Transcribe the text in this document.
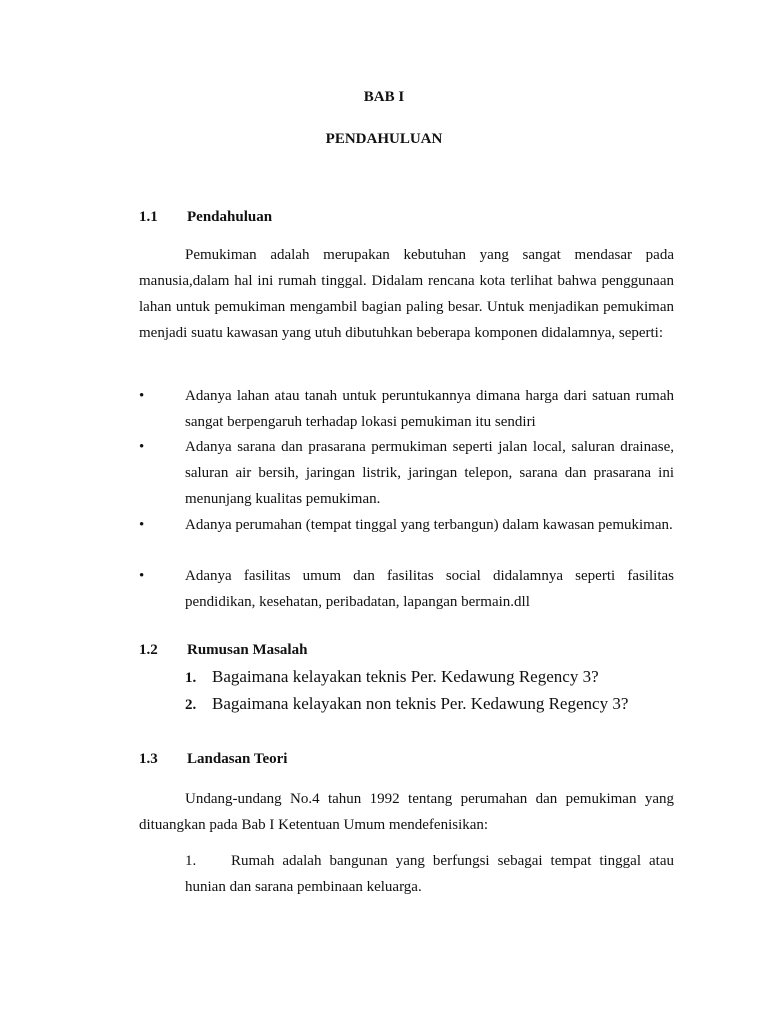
BAB I
PENDAHULUAN
1.1 Pendahuluan
Pemukiman adalah merupakan kebutuhan yang sangat mendasar pada manusia,dalam hal ini rumah tinggal. Didalam rencana kota terlihat bahwa penggunaan lahan untuk pemukiman mengambil bagian paling besar. Untuk menjadikan pemukiman menjadi suatu kawasan yang utuh dibutuhkan beberapa komponen didalamnya, seperti:
•	Adanya lahan atau tanah untuk peruntukannya dimana harga dari satuan rumah sangat berpengaruh terhadap lokasi pemukiman itu sendiri
•	Adanya sarana dan prasarana permukiman seperti jalan local, saluran drainase, saluran air bersih, jaringan listrik, jaringan telepon, sarana dan prasarana ini menunjang kualitas pemukiman.
•	Adanya perumahan (tempat tinggal yang terbangun) dalam kawasan pemukiman.
•	Adanya fasilitas umum dan fasilitas social didalamnya seperti fasilitas pendidikan, kesehatan, peribadatan, lapangan bermain.dll
1.2 Rumusan Masalah
1. Bagaimana kelayakan teknis Per. Kedawung Regency 3?
2. Bagaimana kelayakan non teknis Per. Kedawung Regency 3?
1.3 Landasan Teori
Undang-undang No.4 tahun 1992 tentang perumahan dan pemukiman yang dituangkan pada Bab I Ketentuan Umum mendefenisikan:
1. Rumah adalah bangunan yang berfungsi sebagai tempat tinggal atau hunian dan sarana pembinaan keluarga.
